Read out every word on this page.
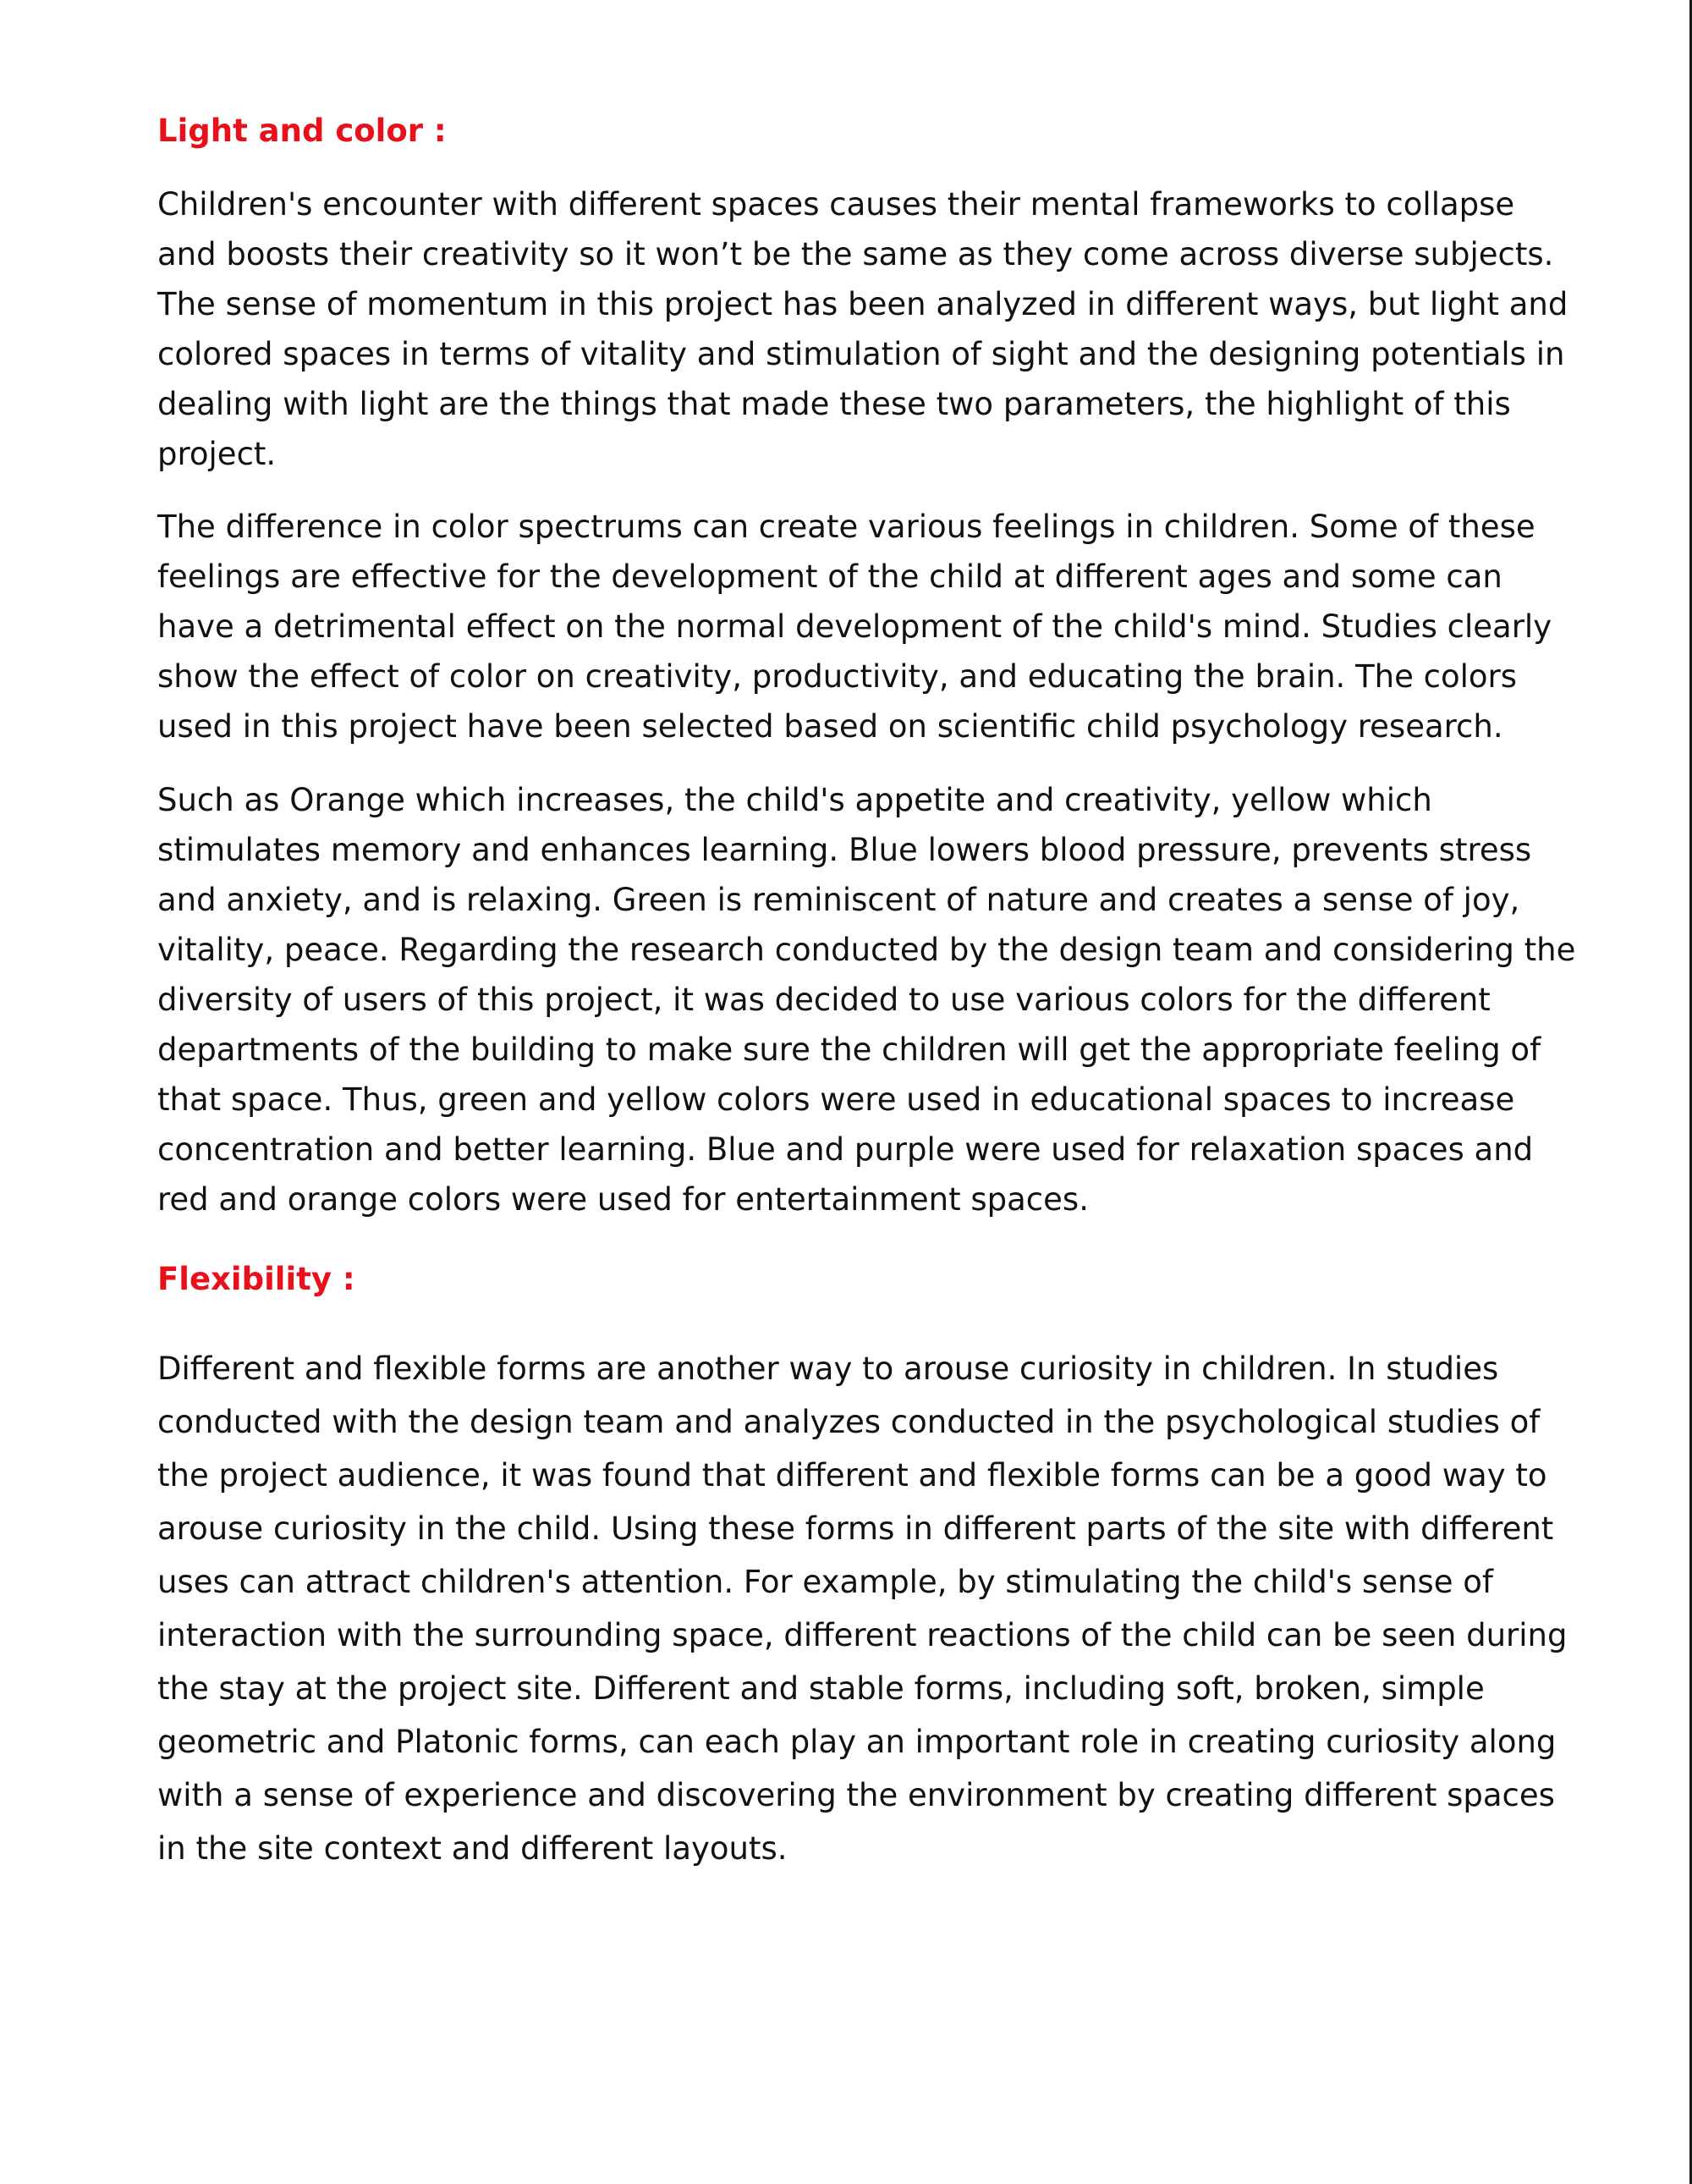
Light and color :

Children's encounter with different spaces causes their mental frameworks to collapse and boosts their creativity so it won’t be the same as they come across diverse subjects. The sense of momentum in this project has been analyzed in different ways, but light and colored spaces in terms of vitality and stimulation of sight and the designing potentials in dealing with light are the things that made these two parameters, the highlight of this project.

The difference in color spectrums can create various feelings in children. Some of these feelings are effective for the development of the child at different ages and some can have a detrimental effect on the normal development of the child's mind. Studies clearly show the effect of color on creativity, productivity, and educating the brain. The colors used in this project have been selected based on scientific child psychology research.

Such as Orange which increases, the child's appetite and creativity, yellow which stimulates memory and enhances learning. Blue lowers blood pressure, prevents stress and anxiety, and is relaxing. Green is reminiscent of nature and creates a sense of joy, vitality, peace. Regarding the research conducted by the design team and considering the diversity of users of this project, it was decided to use various colors for the different departments of the building to make sure the children will get the appropriate feeling of that space. Thus, green and yellow colors were used in educational spaces to increase concentration and better learning. Blue and purple were used for relaxation spaces and red and orange colors were used for entertainment spaces.

Flexibility :

Different and flexible forms are another way to arouse curiosity in children. In studies conducted with the design team and analyzes conducted in the psychological studies of the project audience, it was found that different and flexible forms can be a good way to arouse curiosity in the child. Using these forms in different parts of the site with different uses can attract children's attention. For example, by stimulating the child's sense of interaction with the surrounding space, different reactions of the child can be seen during the stay at the project site. Different and stable forms, including soft, broken, simple geometric and Platonic forms, can each play an important role in creating curiosity along with a sense of experience and discovering the environment by creating different spaces in the site context and different layouts.
